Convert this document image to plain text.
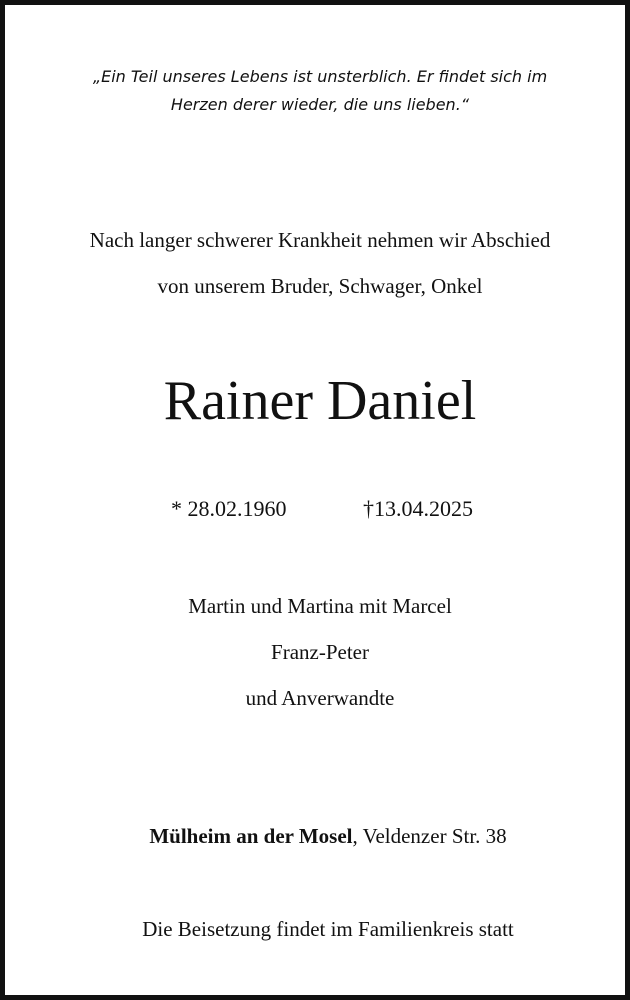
„Ein Teil unseres Lebens ist unsterblich. Er findet sich im
Herzen derer wieder, die uns lieben.“
Nach langer schwerer Krankheit nehmen wir Abschied
von unserem Bruder, Schwager, Onkel
Rainer Daniel
* 28.02.1960	†13.04.2025
Martin und Martina mit Marcel
Franz-Peter
und Anverwandte
Mülheim an der Mosel, Veldenzer Str. 38
Die Beisetzung findet im Familienkreis statt
